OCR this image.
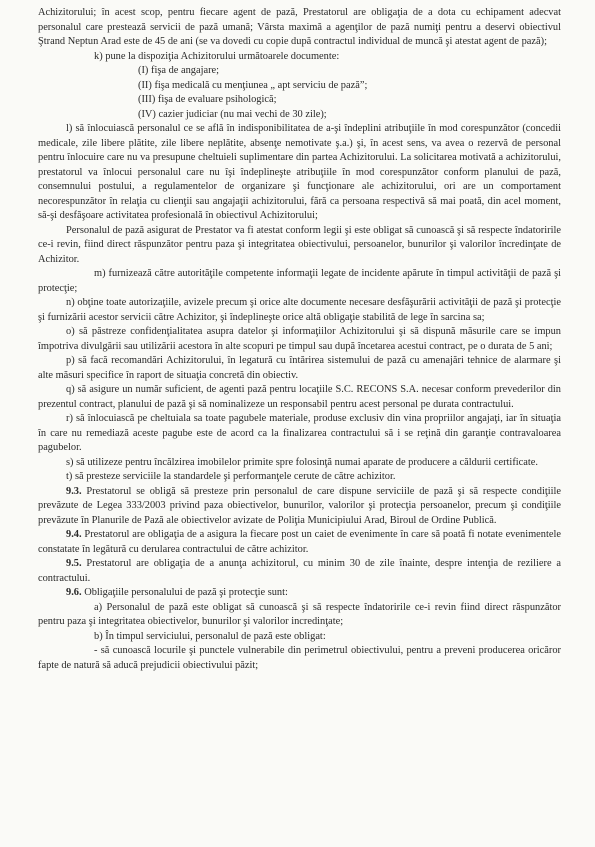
Achizitorului; în acest scop, pentru fiecare agent de pază, Prestatorul are obligaţia de a dota cu echipament adecvat personalul care prestează servicii de pază umană; Vârsta maximă a agenţilor de pază numiţi pentru a deservi obiectivul Ştrand Neptun Arad este de 45 de ani (se va dovedi cu copie după contractul individual de muncă şi atestat agent de pază);

k) pune la dispoziţia Achizitorului următoarele documente:

(I) fişa de angajare;

(II) fişa medicală cu menţiunea „ apt serviciu de pază”;

(III) fişa de evaluare psihologică;

(IV) cazier judiciar (nu mai vechi de 30 zile);

l) să înlocuiască personalul ce se află în indisponibilitatea de a-şi îndeplini atribuţiile în mod corespunzător (concedii medicale, zile libere plătite, zile libere neplătite, absenţe nemotivate ş.a.) şi, în acest sens, va avea o rezervă de personal pentru înlocuire care nu va presupune cheltuieli suplimentare din partea Achizitorului. La solicitarea motivată a achizitorului, prestatorul va înlocui personalul care nu îşi îndeplineşte atribuţiile în mod corespunzător conform planului de pază, consemnului postului, a regulamentelor de organizare şi funcţionare ale achizitorului, ori are un comportament necorespunzător în relaţia cu clienţii sau angajaţii achizitorului, fără ca persoana respectivă să mai poată, din acel moment, să-şi desfăşoare activitatea profesională în obiectivul Achizitorului;

Personalul de pază asigurat de Prestator va fi atestat conform legii şi este obligat să cunoască şi să respecte îndatoririle ce-i revin, fiind direct răspunzător pentru paza şi integritatea obiectivului, persoanelor, bunurilor şi valorilor încredinţate de Achizitor.

m) furnizează către autorităţile competente informaţii legate de incidente apărute în timpul activităţii de pază şi protecţie;

n) obţine toate autorizaţiile, avizele precum şi orice alte documente necesare desfăşurării activităţii de pază şi protecţie şi furnizării acestor servicii către Achizitor, şi îndeplineşte orice altă obligaţie stabilită de lege în sarcina sa;

o) să păstreze confidenţialitatea asupra datelor şi informaţiilor Achizitorului şi să dispună măsurile care se impun împotriva divulgării sau utilizării acestora în alte scopuri pe timpul sau după încetarea acestui contract, pe o durata de 5 ani;

p) să facă recomandări Achizitorului, în legatură cu întărirea sistemului de pază cu amenajări tehnice de alarmare şi alte măsuri specifice în raport de situaţia concretă din obiectiv.

q) să asigure un număr suficient, de agenti pază pentru locaţiile S.C. RECONS S.A. necesar conform prevederilor din prezentul contract, planului de pază şi să nominalizeze un responsabil pentru acest personal pe durata contractului.

r) să înlocuiască pe cheltuiala sa toate pagubele materiale, produse exclusiv din vina propriilor angajaţi, iar în situaţia în care nu remediază aceste pagube este de acord ca la finalizarea contractului să i se reţină din garanţie contravaloarea pagubelor.

s) să utilizeze pentru încălzirea imobilelor primite spre folosinţă numai aparate de producere a căldurii certificate.

t) să presteze serviciile la standardele şi performanţele cerute de către achizitor.

9.3. Prestatorul se obligă să presteze prin personalul de care dispune serviciile de pază şi să respecte condiţiile prevăzute de Legea 333/2003 privind paza obiectivelor, bunurilor, valorilor şi protecţia persoanelor, precum şi condiţiile prevăzute în Planurile de Pază ale obiectivelor avizate de Poliţia Municipiului Arad, Biroul de Ordine Publică.

9.4. Prestatorul are obligaţia de a asigura la fiecare post un caiet de evenimente în care să poată fi notate evenimentele constatate în legătură cu derularea contractului de către achizitor.

9.5. Prestatorul are obligaţia de a anunţa achizitorul, cu minim 30 de zile înainte, despre intenţia de reziliere a contractului.

9.6. Obligaţiile personalului de pază şi protecţie sunt:

a) Personalul de pază este obligat să cunoască şi să respecte îndatoririle ce-i revin fiind direct răspunzător pentru paza şi integritatea obiectivelor, bunurilor şi valorilor incredinţate;

b) În timpul serviciului, personalul de pază este obligat:

- să cunoască locurile şi punctele vulnerabile din perimetrul obiectivului, pentru a preveni producerea oricăror fapte de natură să aducă prejudicii obiectivului păzit;
